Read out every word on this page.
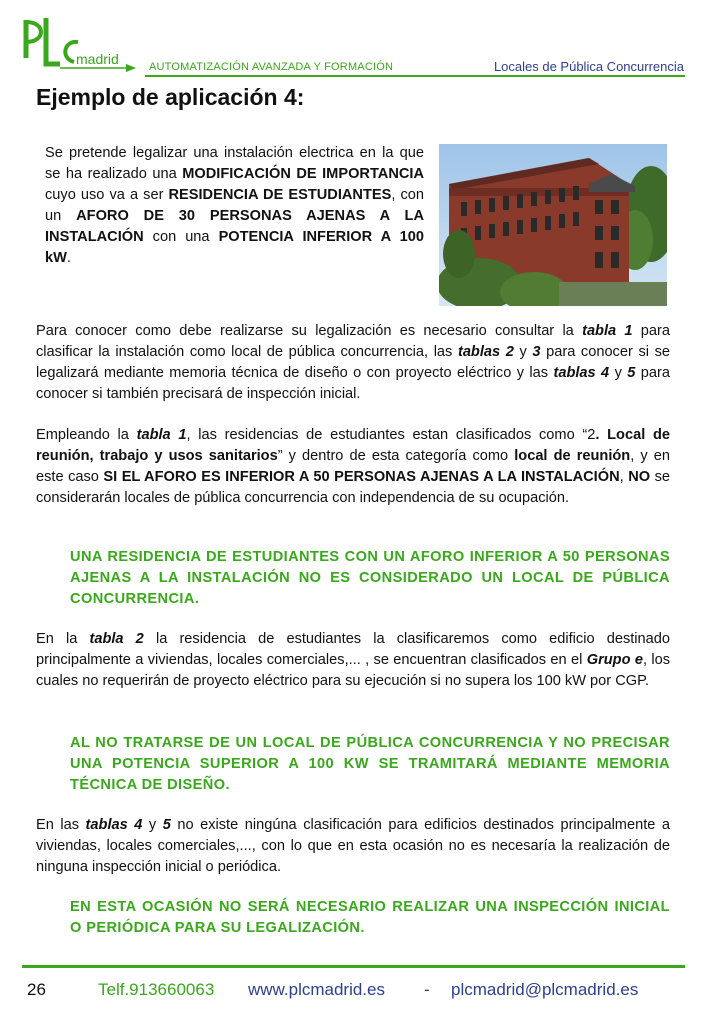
madrid	AUTOMATIZACIÓN AVANZADA Y FORMACIÓN	Locales de Pública Concurrencia
Ejemplo de aplicación 4:
Se pretende legalizar una instalación electrica en la que se ha realizado una MODIFICACIÓN DE IMPORTANCIA cuyo uso va a ser RESIDENCIA DE ESTUDIANTES, con un AFORO DE 30 PERSONAS AJENAS A LA INSTALACIÓN con una POTENCIA INFERIOR A 100 kW.
Para conocer como debe realizarse su legalización es necesario consultar la tabla 1 para clasificar la instalación como local de pública concurrencia, las tablas 2 y 3 para conocer si se legalizará mediante memoria técnica de diseño o con proyecto eléctrico y las tablas 4 y 5 para conocer si también precisará de inspección inicial.
Empleando la tabla 1, las residencias de estudiantes estan clasificados como “2. Local de reunión, trabajo y usos sanitarios” y dentro de esta categoría como local de reunión, y en este caso SI EL AFORO ES INFERIOR A 50 PERSONAS AJENAS A LA INSTALACIÓN, NO se considerarán locales de pública concurrencia con independencia de su ocupación.
UNA RESIDENCIA DE ESTUDIANTES CON UN AFORO INFERIOR A 50 PERSONAS AJENAS A LA INSTALACIÓN NO ES CONSIDERADO UN LOCAL DE PÚBLICA CONCURRENCIA.
En la tabla 2 la residencia de estudiantes la clasificaremos como edificio destinado principalmente a viviendas, locales comerciales,... , se encuentran clasificados en el Grupo e, los cuales no requerirán de proyecto eléctrico para su ejecución si no supera los 100 kW por CGP.
AL NO TRATARSE DE UN LOCAL DE PÚBLICA CONCURRENCIA Y NO PRECISAR UNA POTENCIA SUPERIOR A 100 KW SE TRAMITARÁ MEDIANTE MEMORIA TÉCNICA DE DISEÑO.
En las tablas 4 y 5 no existe ningúna clasificación para edificios destinados principalmente a viviendas, locales comerciales,..., con lo que en esta ocasión no es necesaría la realización de ninguna inspección inicial o periódica.
EN ESTA OCASIÓN NO SERÁ NECESARIO REALIZAR UNA INSPECCIÓN INICIAL O PERIÓDICA PARA SU LEGALIZACIÓN.
26	Telf.913660063 www.plcmadrid.es - plcmadrid@plcmadrid.es
